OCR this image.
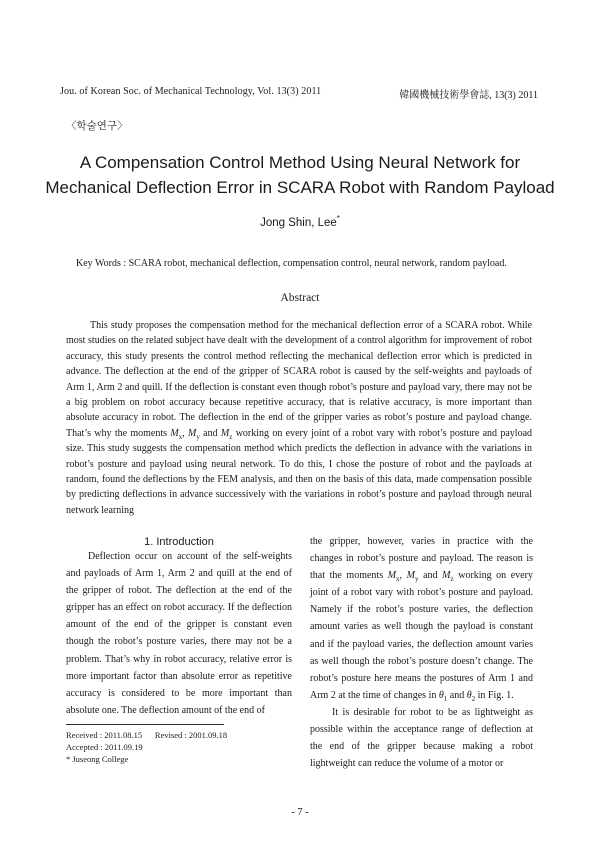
Jou. of Korean Soc. of Mechanical Technology, Vol. 13(3) 2011	韓國機械技術學會誌, 13(3) 2011
〈학술연구〉
A Compensation Control Method Using Neural Network for
Mechanical Deflection Error in SCARA Robot with Random Payload
Jong Shin, Lee*
Key Words : SCARA robot, mechanical deflection, compensation control, neural network, random payload.
Abstract

This study proposes the compensation method for the mechanical deflection error of a SCARA robot. While most studies on the related subject have dealt with the development of a control algorithm for improvement of robot accuracy, this study presents the control method reflecting the mechanical deflection error which is predicted in advance. The deflection at the end of the gripper of SCARA robot is caused by the self-weights and payloads of Arm 1, Arm 2 and quill. If the deflection is constant even though robot’s posture and payload vary, there may not be a big problem on robot accuracy because repetitive accuracy, that is relative accuracy, is more important than absolute accuracy in robot. The deflection in the end of the gripper varies as robot’s posture and payload change. That’s why the moments $M_x$, $M_y$ and $M_z$ working on every joint of a robot vary with robot’s posture and payload size. This study suggests the compensation method which predicts the deflection in advance with the variations in robot’s posture and payload using neural network. To do this, I chose the posture of robot and the payloads at random, found the deflections by the FEM analysis, and then on the basis of this data, made compensation possible by predicting deflections in advance successively with the variations in robot’s posture and payload through neural network learning

1. Introduction

Deflection occur on account of the self-weights and payloads of Arm 1, Arm 2 and quill at the end of the gripper of robot. The deflection at the end of the gripper has an effect on robot accuracy. If the deflection amount of the end of the gripper is constant even though the robot’s posture varies, there may not be a problem. That’s why in robot accuracy, relative error is more important factor than absolute error as repetitive accuracy is considered to be more important than absolute one. The deflection amount of the end of

the gripper, however, varies in practice with the changes in robot’s posture and payload. The reason is that the moments $M_x$, $M_y$ and $M_z$ working on every joint of a robot vary with robot’s posture and payload. Namely if the robot’s posture varies, the deflection amount varies as well though the payload is constant and if the payload varies, the deflection amount varies as well though the robot’s posture doesn’t change. The robot’s posture here means the postures of Arm 1 and Arm 2 at the time of changes in $\theta_1$ and $\theta_2$ in Fig. 1.

It is desirable for robot to be as lightweight as possible within the acceptance range of deflection at the end of the gripper because making a robot lightweight can reduce the volume of a motor or

Received : 2011.08.15      Revised : 2001.09.18
Accepted : 2011.09.19
* Juseong College
- 7 -
